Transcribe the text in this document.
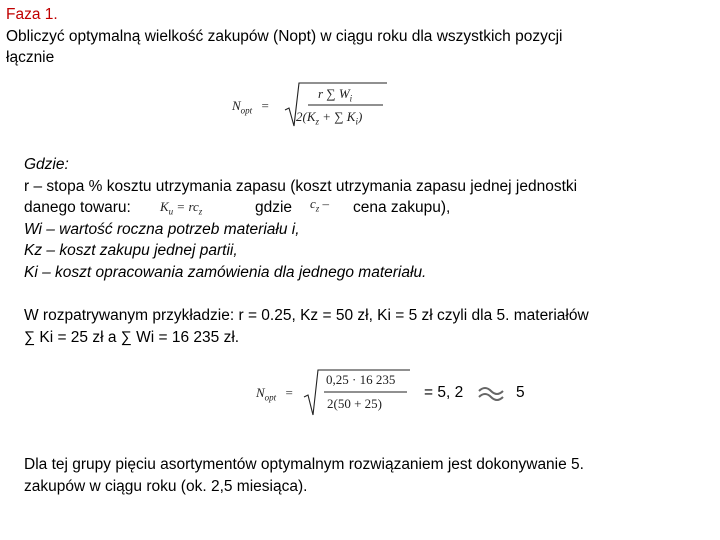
Faza 1.
Obliczyć optymalną wielkość zakupów (Nopt) w ciągu roku dla wszystkich pozycji
łącznie
$N_{opt}$ =
r ∑ $W_i$
$2(K_z$ + ∑ $K_i$)
Gdzie:
r – stopa % kosztu utrzymania zapasu (koszt utrzymania zapasu jednej jednostki
danego towaru: $K_u = rc_z$	gdzie $c_z$ – cena zakupu),
Wi – wartość roczna potrzeb materiału i,
Kz – koszt zakupu jednej partii,
Ki – koszt opracowania zamówienia dla jednego materiału.
W rozpatrywanym przykładzie: r = 0.25, Kz = 50 zł, Ki = 5 zł czyli dla 5. materiałów
∑ Ki = 25 zł a ∑ Wi = 16 235 zł.
$N_{opt}$ =
0,25 · 16 235
2(50 + 25)
= 5, 2	5
Dla tej grupy pięciu asortymentów optymalnym rozwiązaniem jest dokonywanie 5.
zakupów w ciągu roku (ok. 2,5 miesiąca).
